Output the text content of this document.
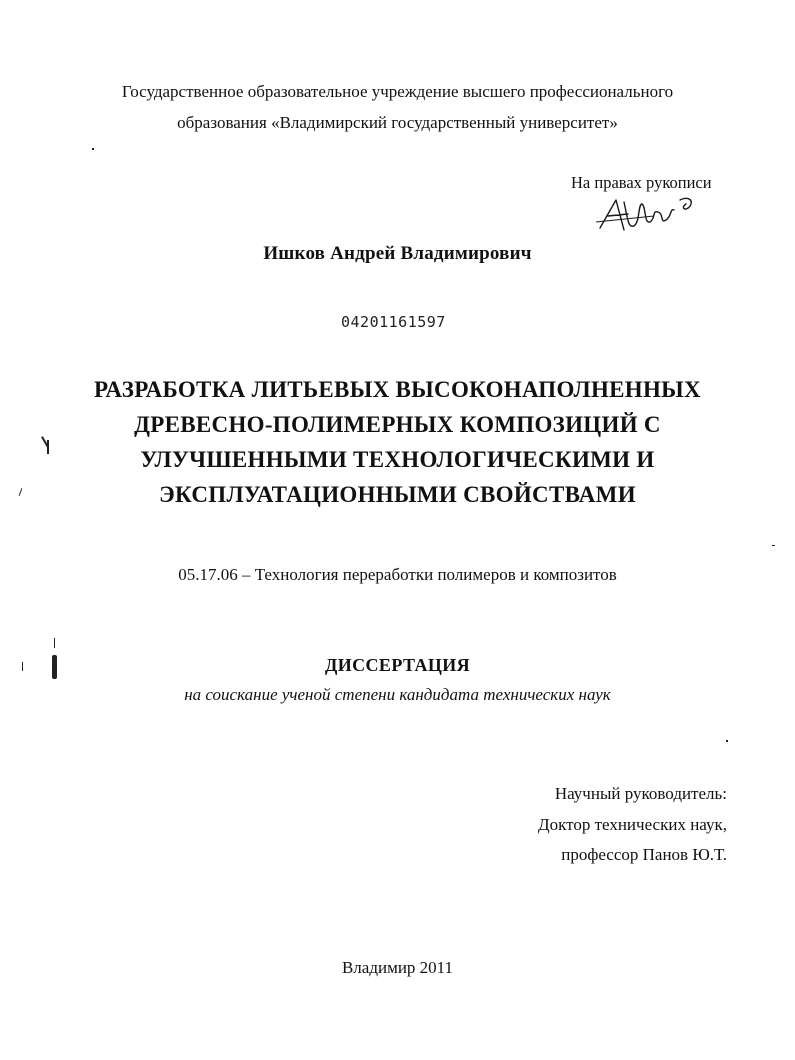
Государственное образовательное учреждение высшего профессионального
образования «Владимирский государственный университет»
На правах рукописи
Ишков Андрей Владимирович
04201161597
РАЗРАБОТКА ЛИТЬЕВЫХ ВЫСОКОНАПОЛНЕННЫХ
ДРЕВЕСНО-ПОЛИМЕРНЫХ КОМПОЗИЦИЙ С
УЛУЧШЕННЫМИ ТЕХНОЛОГИЧЕСКИМИ И
ЭКСПЛУАТАЦИОННЫМИ СВОЙСТВАМИ
05.17.06 – Технология переработки полимеров и композитов
ДИССЕРТАЦИЯ
на соискание ученой степени кандидата технических наук
Научный руководитель:
Доктор технических наук,
профессор Панов Ю.Т.
Владимир 2011
